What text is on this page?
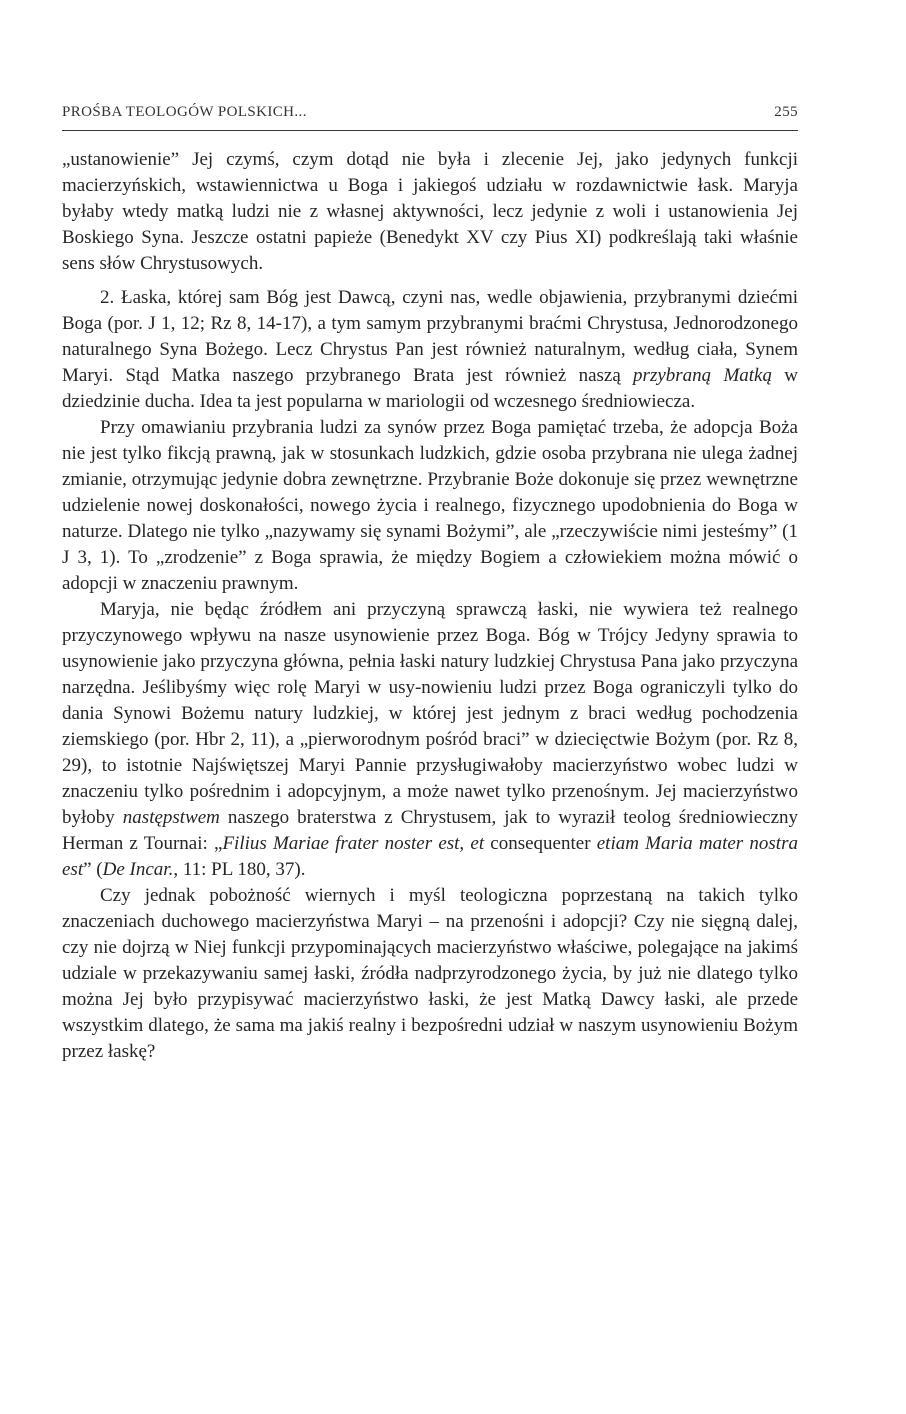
PROŚBA TEOLOGÓW POLSKICH...	255

„ustanowienie” Jej czymś, czym dotąd nie była i zlecenie Jej, jako jedynych funkcji macierzyńskich, wstawiennictwa u Boga i jakiegoś udziału w rozdawnictwie łask. Maryja byłaby wtedy matką ludzi nie z własnej aktywności, lecz jedynie z woli i ustanowienia Jej Boskiego Syna. Jeszcze ostatni papieże (Benedykt XV czy Pius XI) podkreślają taki właśnie sens słów Chrystusowych.

2. Łaska, której sam Bóg jest Dawcą, czyni nas, wedle objawienia, przybranymi dziećmi Boga (por. J 1, 12; Rz 8, 14-17), a tym samym przybranymi braćmi Chrystusa, Jednorodzonego naturalnego Syna Bożego. Lecz Chrystus Pan jest również naturalnym, według ciała, Synem Maryi. Stąd Matka naszego przybranego Brata jest również naszą przybraną Matką w dziedzinie ducha. Idea ta jest popularna w mariologii od wczesnego średniowiecza.

Przy omawianiu przybrania ludzi za synów przez Boga pamiętać trzeba, że adopcja Boża nie jest tylko fikcją prawną, jak w stosunkach ludzkich, gdzie osoba przybrana nie ulega żadnej zmianie, otrzymując jedynie dobra zewnętrzne. Przybranie Boże dokonuje się przez wewnętrzne udzielenie nowej doskonałości, nowego życia i realnego, fizycznego upodobnienia do Boga w naturze. Dlatego nie tylko „nazywamy się synami Bożymi”, ale „rzeczywiście nimi jesteśmy” (1 J 3, 1). To „zrodzenie” z Boga sprawia, że między Bogiem a człowiekiem można mówić o adopcji w znaczeniu prawnym.

Maryja, nie będąc źródłem ani przyczyną sprawczą łaski, nie wywiera też realnego przyczynowego wpływu na nasze usynowienie przez Boga. Bóg w Trójcy Jedyny sprawia to usynowienie jako przyczyna główna, pełnia łaski natury ludzkiej Chrystusa Pana jako przyczyna narzędna. Jeślibyśmy więc rolę Maryi w usy-nowieniu ludzi przez Boga ograniczyli tylko do dania Synowi Bożemu natury ludzkiej, w której jest jednym z braci według pochodzenia ziemskiego (por. Hbr 2, 11), a „pierworodnym pośród braci” w dziecięctwie Bożym (por. Rz 8, 29), to istotnie Najświętszej Maryi Pannie przysługiwałoby macierzyństwo wobec ludzi w znaczeniu tylko pośrednim i adopcyjnym, a może nawet tylko przenośnym. Jej macierzyństwo byłoby następstwem naszego braterstwa z Chrystusem, jak to wyraził teolog średniowieczny Herman z Tournai: „Filius Mariae frater noster est, et consequenter etiam Maria mater nostra est” (De Incar., 11: PL 180, 37).

Czy jednak pobożność wiernych i myśl teologiczna poprzestaną na takich tylko znaczeniach duchowego macierzyństwa Maryi – na przenośni i adopcji? Czy nie sięgną dalej, czy nie dojrzą w Niej funkcji przypominających macierzyństwo właściwe, polegające na jakimś udziale w przekazywaniu samej łaski, źródła nadprzyrodzonego życia, by już nie dlatego tylko można Jej było przypisywać macierzyństwo łaski, że jest Matką Dawcy łaski, ale przede wszystkim dlatego, że sama ma jakiś realny i bezpośredni udział w naszym usynowieniu Bożym przez łaskę?
